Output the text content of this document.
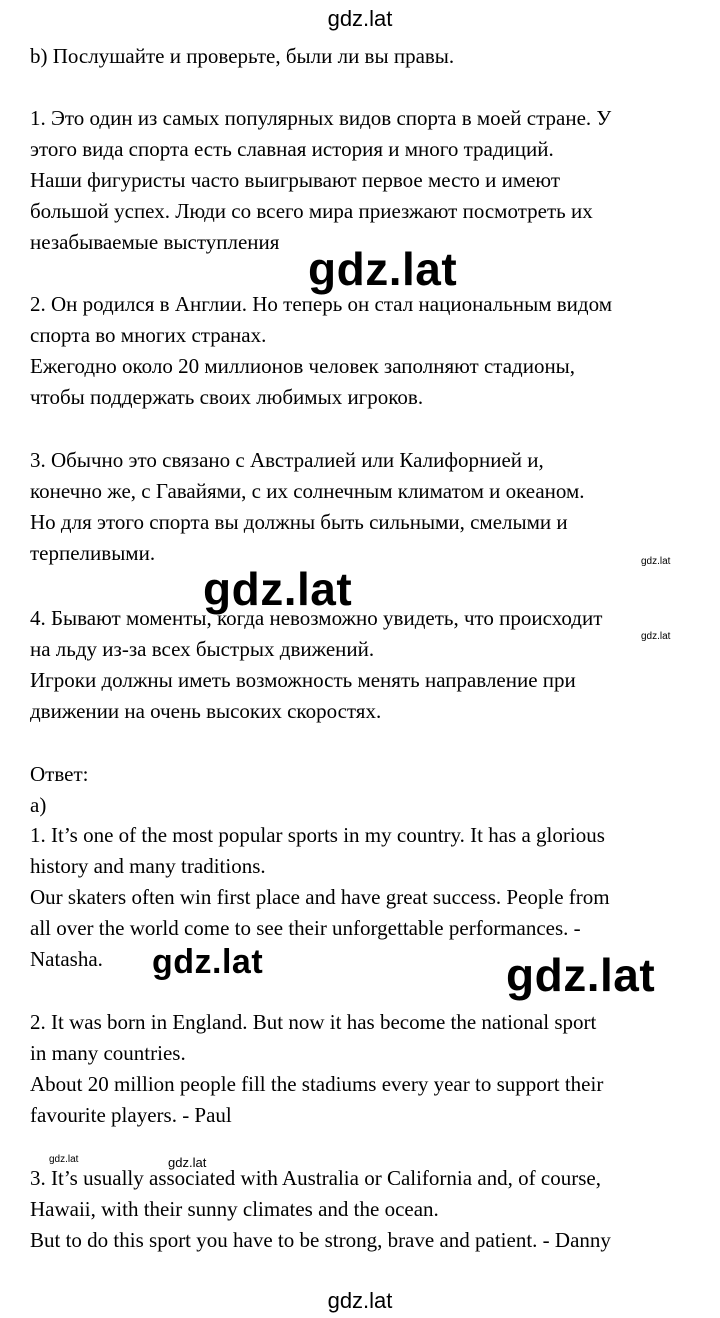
gdz.lat
b) Послушайте и проверьте, были ли вы правы.
1. Это один из самых популярных видов спорта в моей стране. У
этого вида спорта есть славная история и много традиций.
Наши фигуристы часто выигрывают первое место и имеют
большой успех. Люди со всего мира приезжают посмотреть их
незабываемые выступления
2. Он родился в Англии. Но теперь он стал национальным видом
спорта во многих странах.
Ежегодно около 20 миллионов человек заполняют стадионы,
чтобы поддержать своих любимых игроков.
3. Обычно это связано с Австралией или Калифорнией и,
конечно же, с Гавайями, с их солнечным климатом и океаном.
Но для этого спорта вы должны быть сильными, смелыми и
терпеливыми.
4. Бывают моменты, когда невозможно увидеть, что происходит
на льду из-за всех быстрых движений.
Игроки должны иметь возможность менять направление при
движении на очень высоких скоростях.
Ответ:
a)
1. It’s one of the most popular sports in my country. It has a glorious
history and many traditions.
Our skaters often win first place and have great success. People from
all over the world come to see their unforgettable performances. -
Natasha.
2. It was born in England. But now it has become the national sport
in many countries.
About 20 million people fill the stadiums every year to support their
favourite players. - Paul
3. It’s usually associated with Australia or California and, of course,
Hawaii, with their sunny climates and the ocean.
But to do this sport you have to be strong, brave and patient. - Danny
gdz.lat
gdz.lat
gdz.lat
gdz.lat
gdz.lat
gdz.lat
gdz.lat	gdz.lat
gdz.lat
